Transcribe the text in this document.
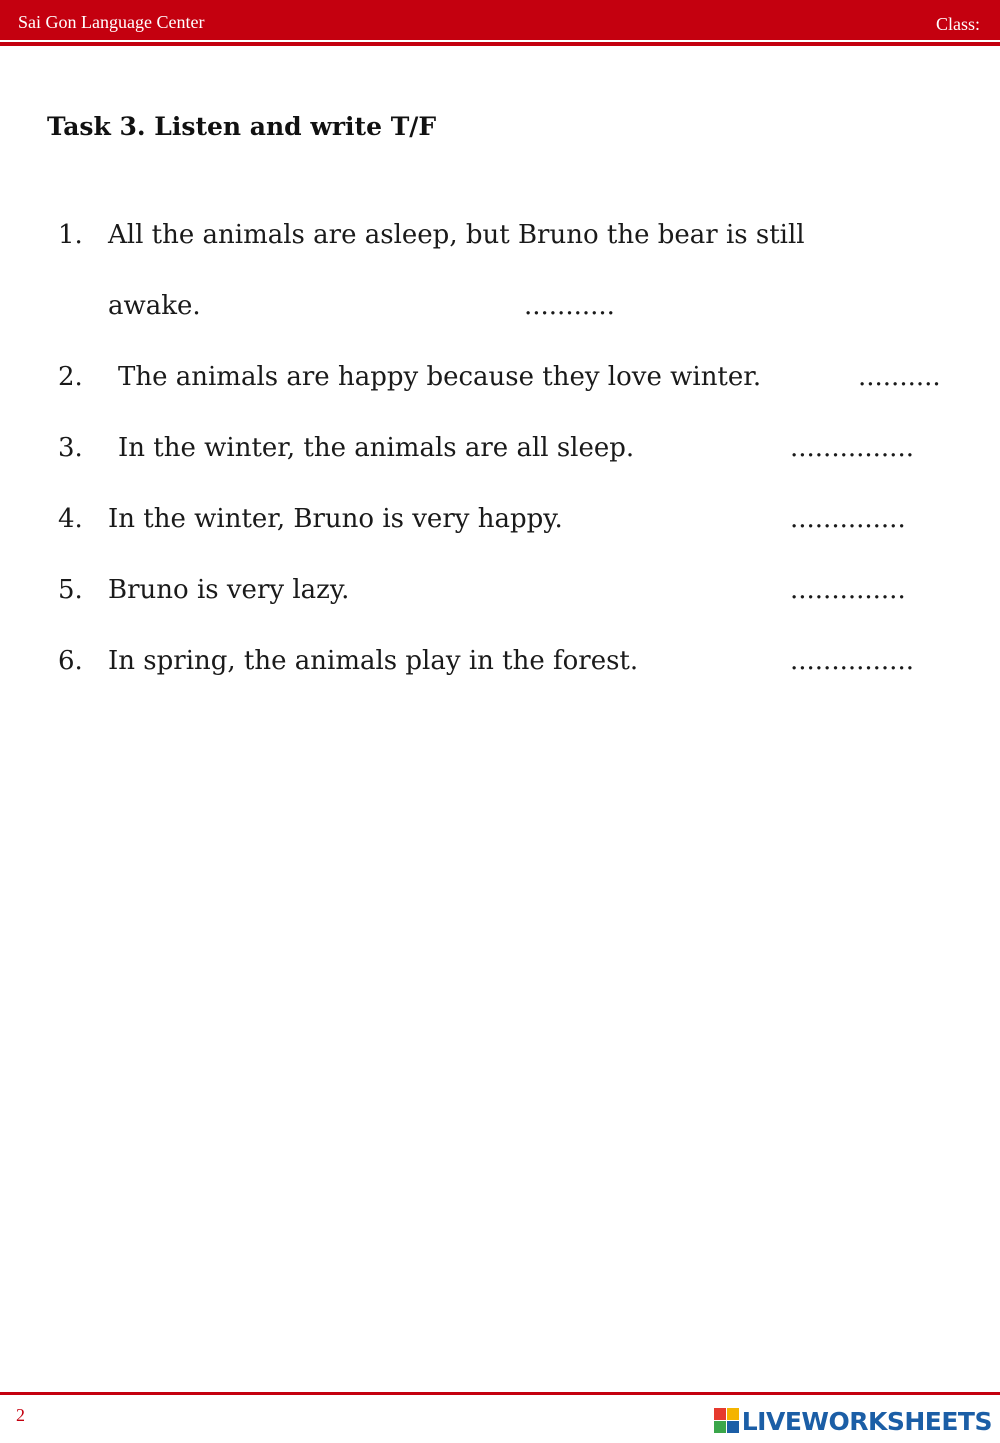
Sai Gon Language Center	Class:
Task 3. Listen and write T/F
1. All the animals are asleep, but Bruno the bear is still
awake.	...........
2. The animals are happy because they love winter.	..........
3. In the winter, the animals are all sleep.	...............
4. In the winter, Bruno is very happy.	..............
5. Bruno is very lazy.	..............
6. In spring, the animals play in the forest.	...............
2	LIVEWORKSHEETS
